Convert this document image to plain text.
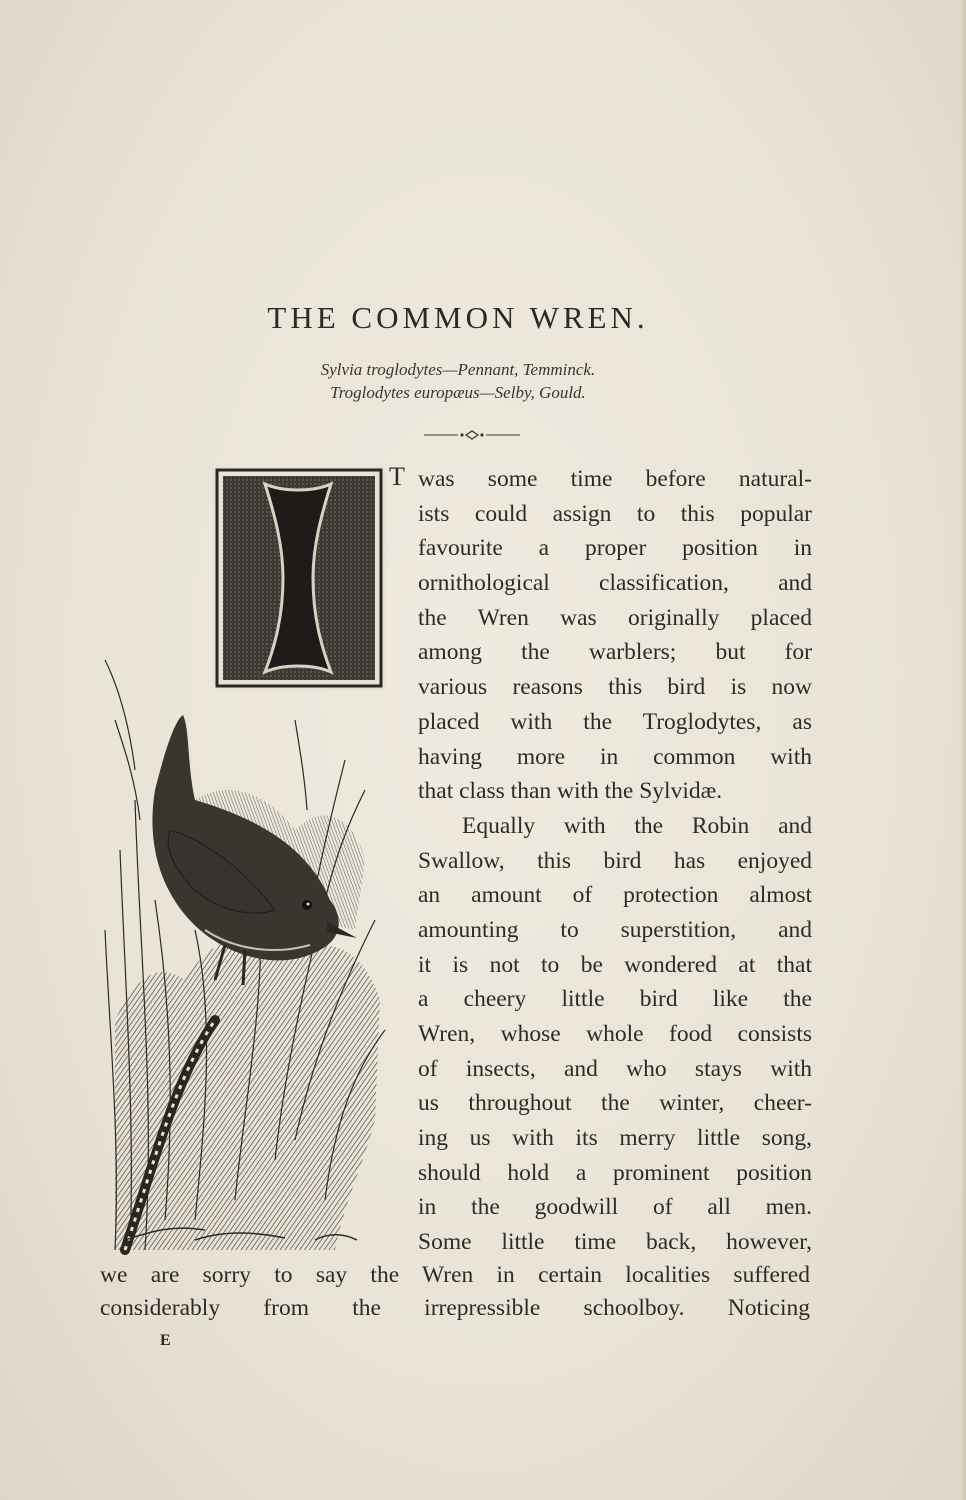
THE COMMON WREN.
Sylvia troglodytes—Pennant, Temminck.
Troglodytes europæus—Selby, Gould.
T was some time before natural-
ists could assign to this popular
favourite a proper position in
ornithological classification, and
the Wren was originally placed
among the warblers; but for
various reasons this bird is now
placed with the Troglodytes, as
having more in common with
that class than with the Sylvidæ.
Equally with the Robin and
Swallow, this bird has enjoyed
an amount of protection almost
amounting to superstition, and
it is not to be wondered at that
a cheery little bird like the
Wren, whose whole food consists
of insects, and who stays with
us throughout the winter, cheer-
ing us with its merry little song,
should hold a prominent position
in the goodwill of all men.
Some little time back, however,
we are sorry to say the Wren in certain localities suffered
considerably from the irrepressible schoolboy. Noticing
E
